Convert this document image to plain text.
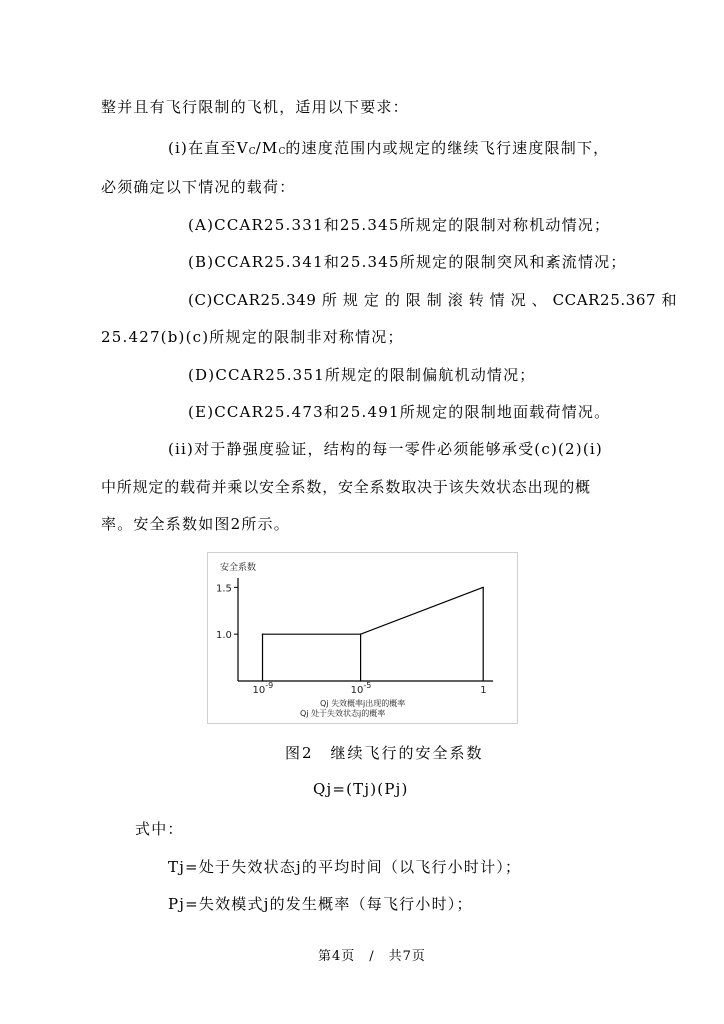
整并且有飞行限制的飞机，适用以下要求：
(i)在直至VC/MC的速度范围内或规定的继续飞行速度限制下，
必须确定以下情况的载荷：
(A)CCAR25.331和25.345所规定的限制对称机动情况；
(B)CCAR25.341和25.345所规定的限制突风和紊流情况；
(C)CCAR25.349 所 规 定 的 限 制 滚 转 情 况 、 CCAR25.367 和
25.427(b)(c)所规定的限制非对称情况；
(D)CCAR25.351所规定的限制偏航机动情况；
(E)CCAR25.473和25.491所规定的限制地面载荷情况。
(ii)对于静强度验证，结构的每一零件必须能够承受(c)(2)(i)
中所规定的载荷并乘以安全系数，安全系数取决于该失效状态出现的概
率。安全系数如图2所示。
安全系数
1.5
1.0
$10^{-9}$	$10^{-5}$	1
Qj 失效概率j出现的概率
Qj 处于失效状态j的概率
图2　继续飞行的安全系数
Qj=(Tj)(Pj)
式中：
Tj=处于失效状态j的平均时间（以飞行小时计）；
Pj=失效模式j的发生概率（每飞行小时）；
第4页　/　共7页
